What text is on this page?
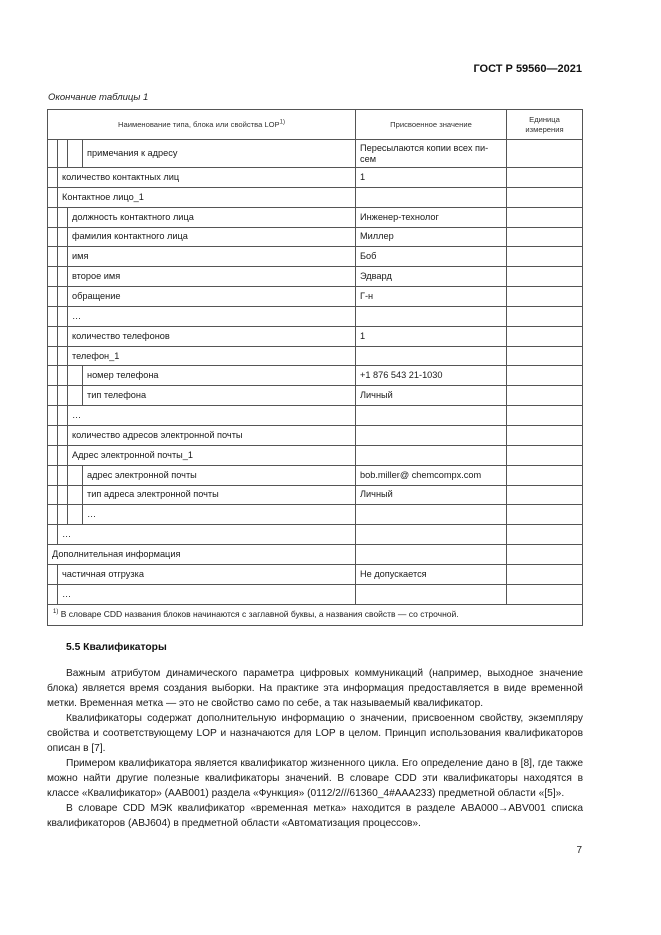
ГОСТ Р 59560—2021
Окончание таблицы 1
Наименование типа, блока или свойства LOP$^{1)}$				Присвоенное значение	Единица измерения
			примечания к адресу	Пересылаются копии всех пи-сем	
	количество контактных лиц			1	
	Контактное лицо_1				
		должность контактного лица		Инженер-технолог	
		фамилия контактного лица		Миллер	
		имя		Боб	
		второе имя		Эдвард	
		обращение		Г-н	
		…			
		количество телефонов		1	
		телефон_1			
			номер телефона	+1 876 543 21-1030	
			тип телефона	Личный	
		…			
		количество адресов электронной почты			
		Адрес электронной почты_1			
			адрес электронной почты	bob.miller@ chemcompx.com	
			тип адреса электронной почты	Личный	
			…		
	…				
Дополнительная информация					
	частичная отгрузка			Не допускается	
	…				
$^{1)}$ В словаре CDD названия блоков начинаются с заглавной буквы, а названия свойств — со строчной.					
5.5 Квалификаторы

Важным атрибутом динамического параметра цифровых коммуникаций (например, выходное значение блока) является время создания выборки. На практике эта информация предоставляется в виде временной метки. Временная метка — это не свойство само по себе, а так называемый квалификатор.

Квалификаторы содержат дополнительную информацию о значении, присвоенном свойству, экземпляру свойства и соответствующему LOP и назначаются для LOP в целом. Принцип использования квалификаторов описан в [7].

Примером квалификатора является квалификатор жизненного цикла. Его определение дано в [8], где также можно найти другие полезные квалификаторы значений. В словаре CDD эти квалификаторы находятся в классе «Квалификатор» (AAB001) раздела «Функция» (0112/2///61360_4#AAA233) предметной области «[5]».

В словаре CDD МЭК квалификатор «временная метка» находится в разделе ABA000→ABV001 списка квалификаторов (ABJ604) в предметной области «Автоматизация процессов».

7
